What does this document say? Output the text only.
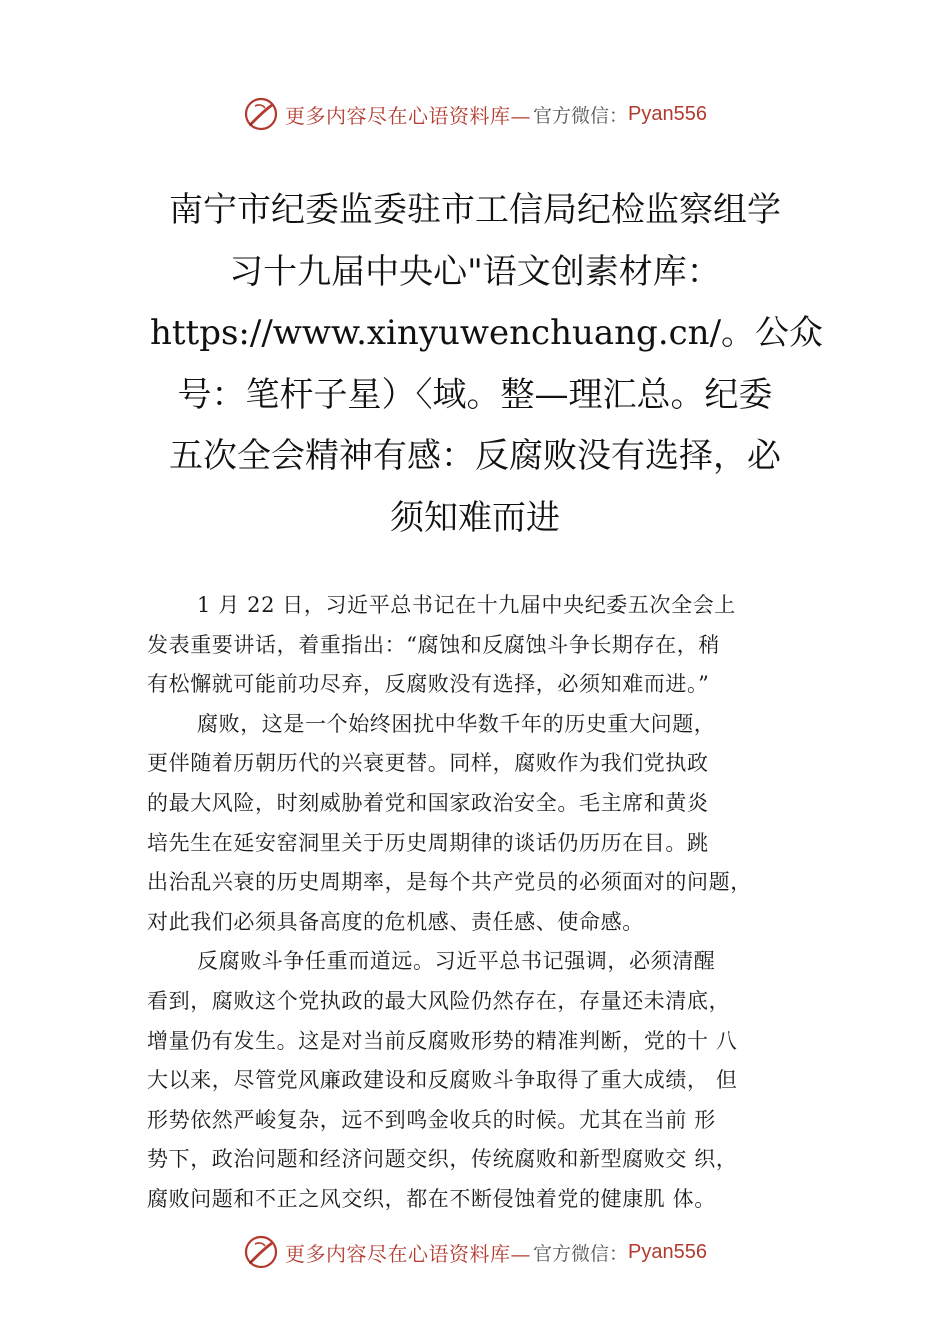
更多内容尽在心语资料库— 官方微信： Pyan556
南宁市纪委监委驻市工信局纪检监察组学
习十九届中央心"语文创素材库：
https://www.xinyuwenchuang.cn/。公众
号：笔杆子星）〈域。整—理汇总。纪委
五次全会精神有感：反腐败没有选择，必
须知难而进
1 月 22 日，习近平总书记在十九届中央纪委五次全会上
发表重要讲话，着重指出：“腐蚀和反腐蚀斗争长期存在，稍
有松懈就可能前功尽弃，反腐败没有选择，必须知难而进。”
腐败，这是一个始终困扰中华数千年的历史重大问题，
更伴随着历朝历代的兴衰更替。同样，腐败作为我们党执政
的最大风险，时刻威胁着党和国家政治安全。毛主席和黄炎
培先生在延安窑洞里关于历史周期律的谈话仍历历在目。跳
出治乱兴衰的历史周期率，是每个共产党员的必须面对的问题，
对此我们必须具备高度的危机感、责任感、使命感。
反腐败斗争任重而道远。习近平总书记强调，必须清醒
看到，腐败这个党执政的最大风险仍然存在，存量还未清底，
增量仍有发生。这是对当前反腐败形势的精准判断，党的十 八
大以来，尽管党风廉政建设和反腐败斗争取得了重大成绩， 但
形势依然严峻复杂，远不到鸣金收兵的时候。尤其在当前 形
势下，政治问题和经济问题交织，传统腐败和新型腐败交 织，
腐败问题和不正之风交织，都在不断侵蚀着党的健康肌 体。
更多内容尽在心语资料库— 官方微信： Pyan556
